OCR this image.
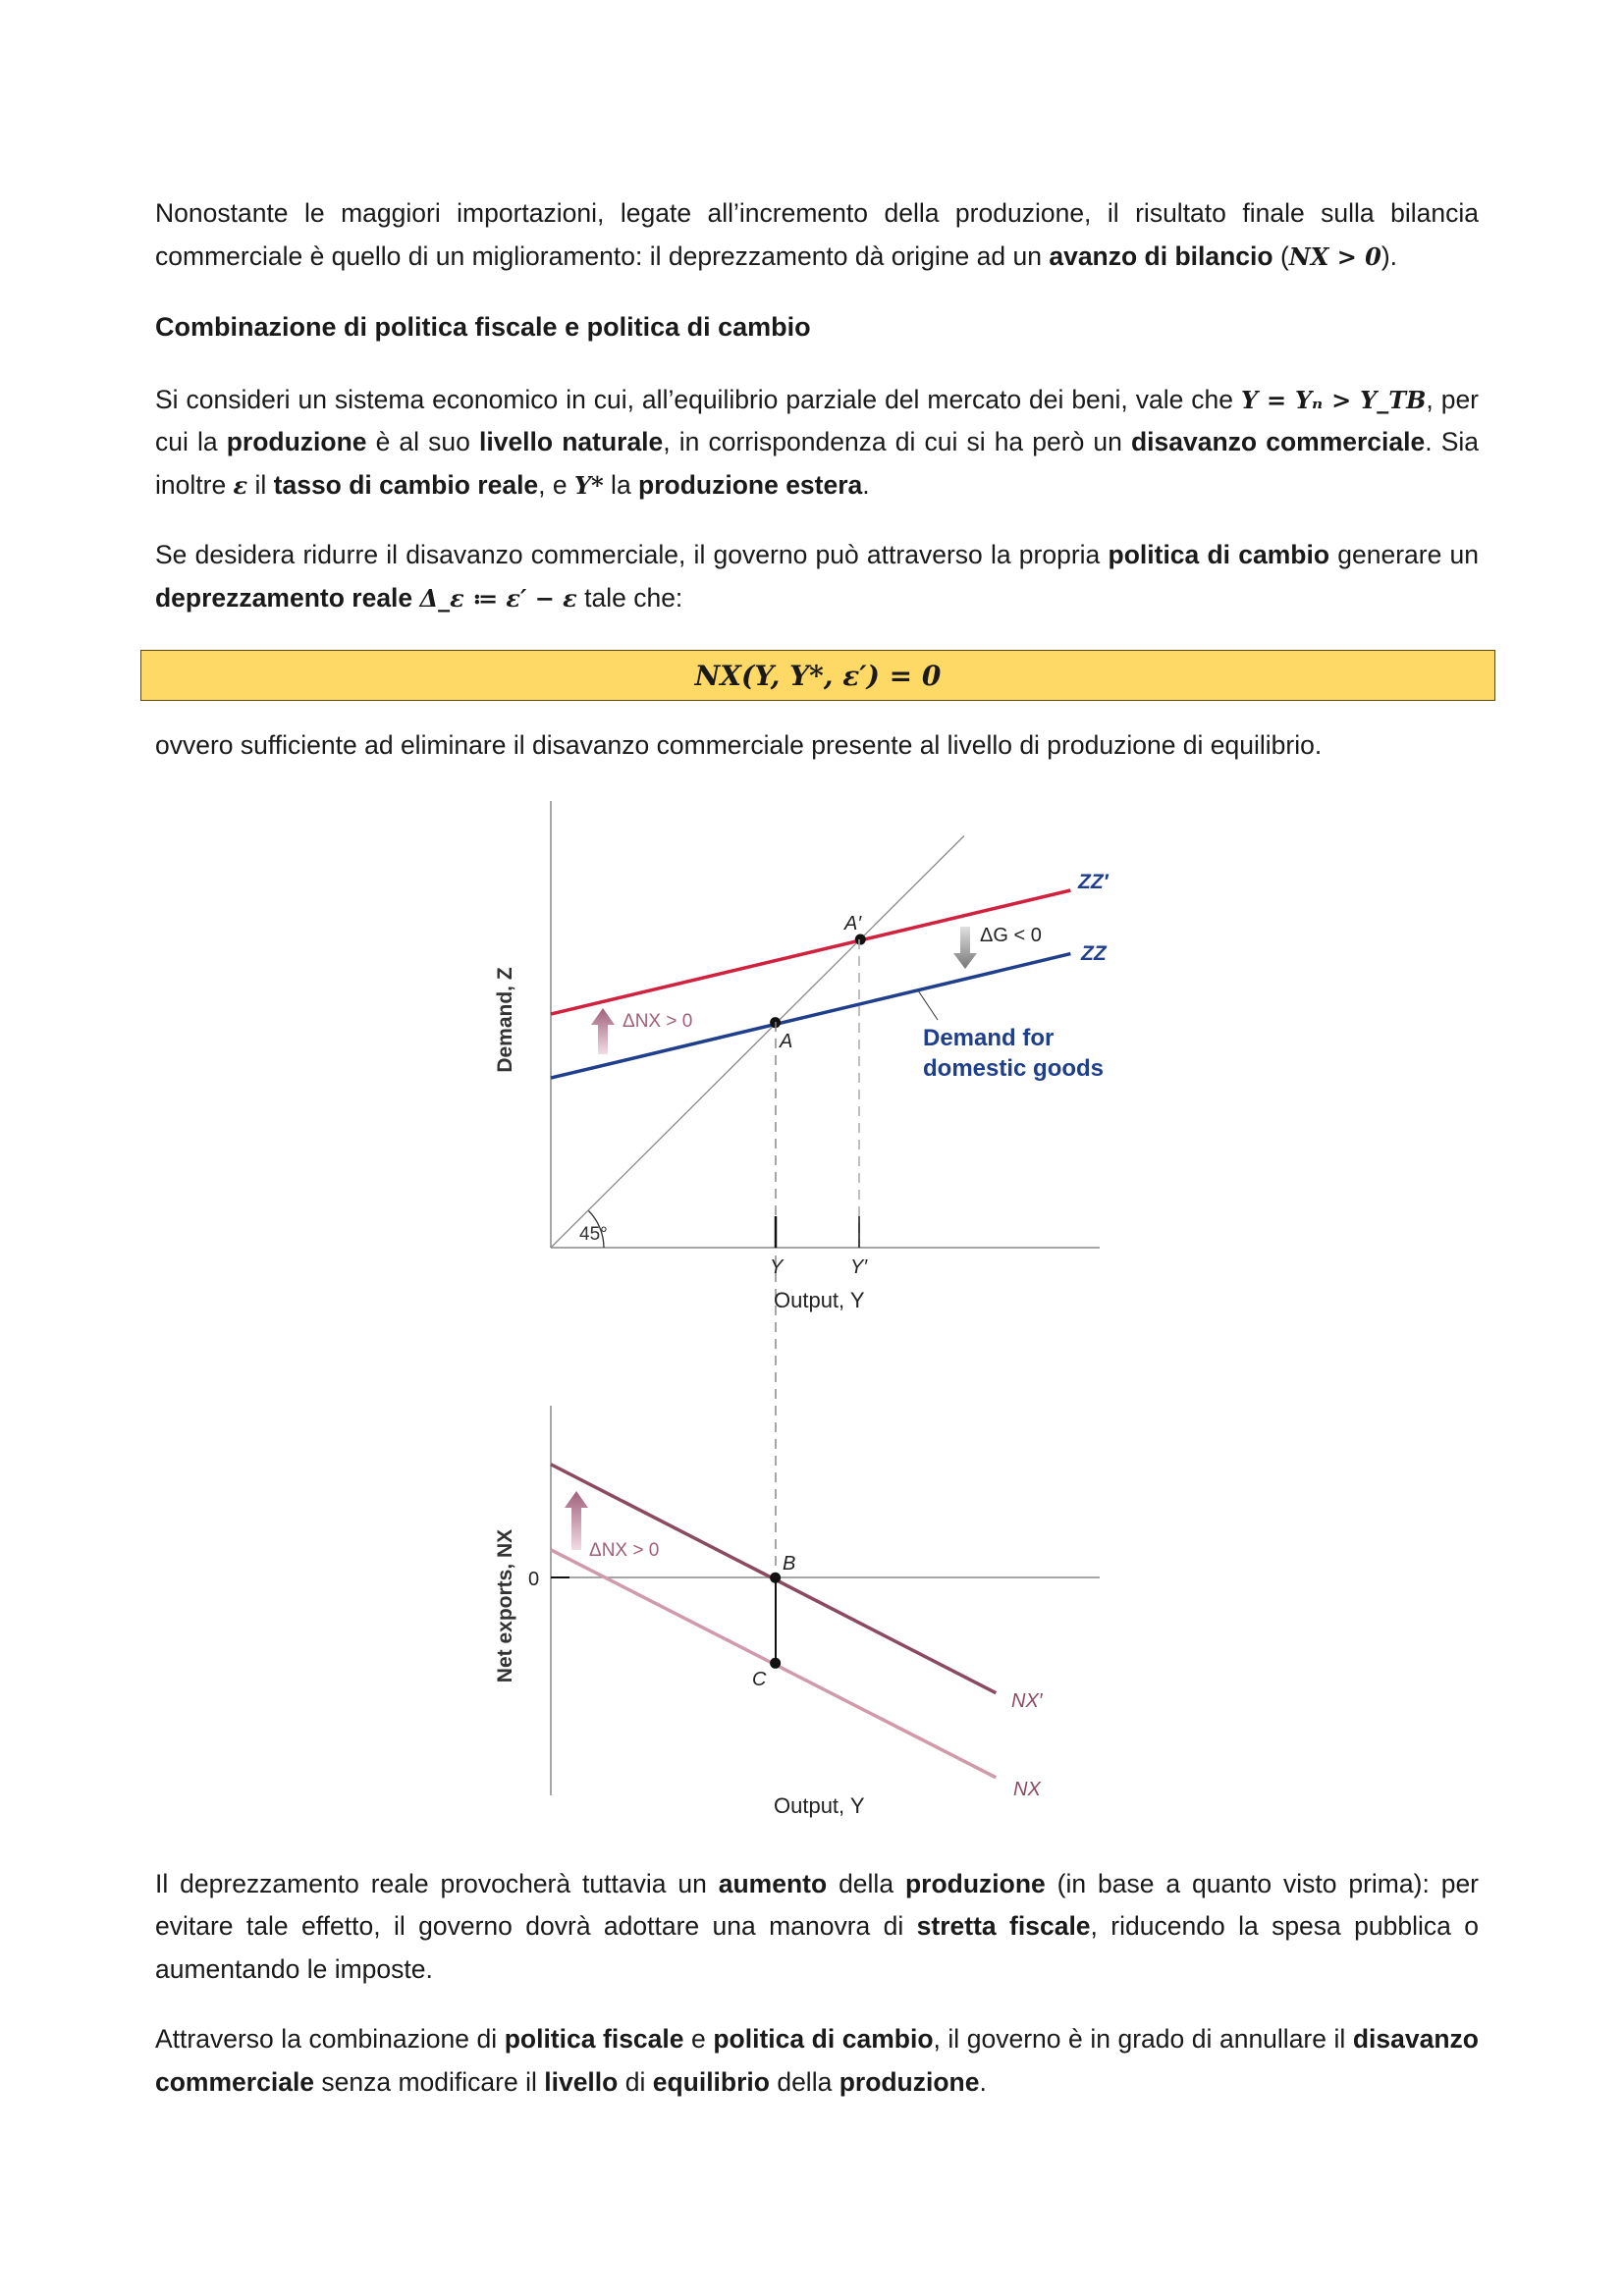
Nonostante le maggiori importazioni, legate all’incremento della produzione, il risultato finale sulla bilancia commerciale è quello di un miglioramento: il deprezzamento dà origine ad un avanzo di bilancio (NX > 0).
Combinazione di politica fiscale e politica di cambio
Si consideri un sistema economico in cui, all’equilibrio parziale del mercato dei beni, vale che Y = Yₙ > Y_TB, per cui la produzione è al suo livello naturale, in corrispondenza di cui si ha però un disavanzo commerciale. Sia inoltre ε il tasso di cambio reale, e Y* la produzione estera.
Se desidera ridurre il disavanzo commerciale, il governo può attraverso la propria politica di cambio generare un deprezzamento reale Δ_ε ≔ ε′ − ε tale che:
NX(Y, Y*, ε′) = 0
ovvero sufficiente ad eliminare il disavanzo commerciale presente al livello di produzione di equilibrio.
45°
Y	Y′
Output, Y
Demand, Z	ΔNX > 0
ΔG < 0
Demand for
domestic goods
ZZ′
ZZ
A
A′
0
Net exports, NX
Output, Y
ΔNX > 0
NX′
NX
B
C
Il deprezzamento reale provocherà tuttavia un aumento della produzione (in base a quanto visto prima): per evitare tale effetto, il governo dovrà adottare una manovra di stretta fiscale, riducendo la spesa pubblica o aumentando le imposte.
Attraverso la combinazione di politica fiscale e politica di cambio, il governo è in grado di annullare il disavanzo commerciale senza modificare il livello di equilibrio della produzione.
